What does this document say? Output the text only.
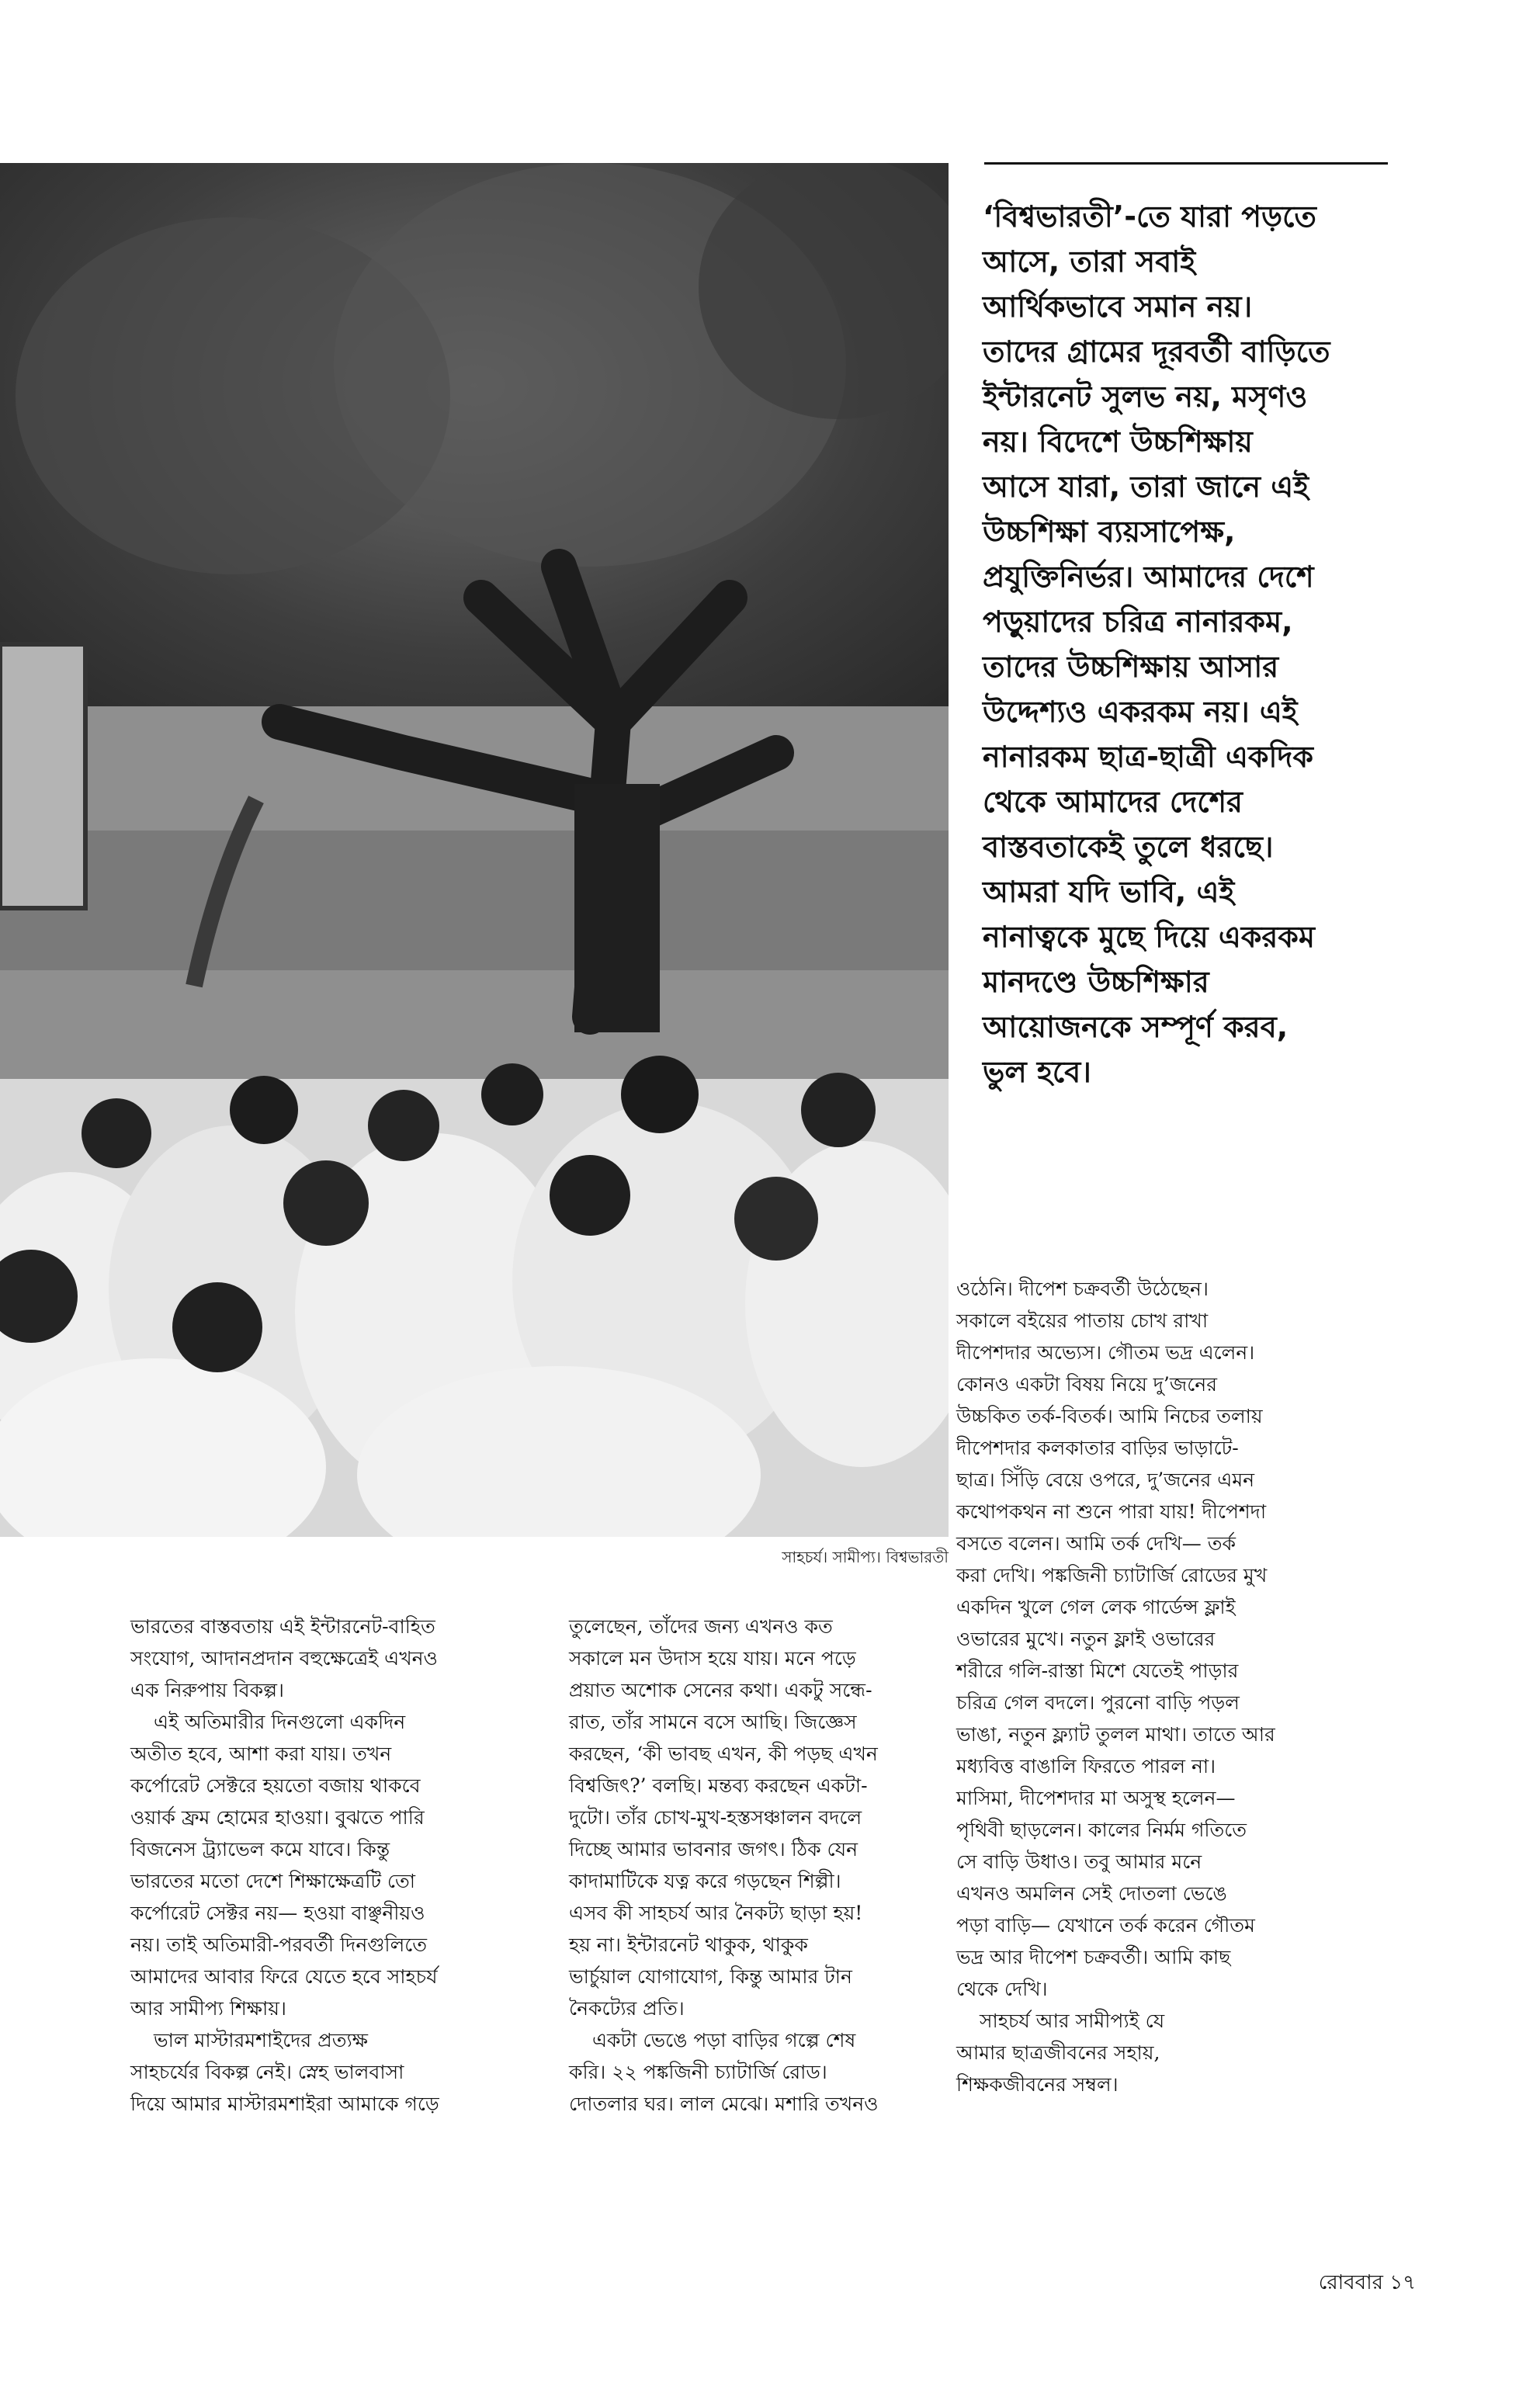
‘বিশ্বভারতী’-তে যারা পড়তে
আসে, তারা সবাই
আর্থিকভাবে সমান নয়।
তাদের গ্রামের দূরবর্তী বাড়িতে
ইন্টারনেট সুলভ নয়, মসৃণও
নয়। বিদেশে উচ্চশিক্ষায়
আসে যারা, তারা জানে এই
উচ্চশিক্ষা ব্যয়সাপেক্ষ,
প্রযুক্তিনির্ভর। আমাদের দেশে
পড়ুয়াদের চরিত্র নানারকম,
তাদের উচ্চশিক্ষায় আসার
উদ্দেশ্যও একরকম নয়। এই
নানারকম ছাত্র-ছাত্রী একদিক
থেকে আমাদের দেশের
বাস্তবতাকেই তুলে ধরছে।
আমরা যদি ভাবি, এই
নানাত্বকে মুছে দিয়ে একরকম
মানদণ্ডে উচ্চশিক্ষার
আয়োজনকে সম্পূর্ণ করব,
ভুল হবে।
সাহচর্য। সামীপ্য। বিশ্বভারতী

ভারতের বাস্তবতায় এই ইন্টারনেট-বাহিত
সংযোগ, আদানপ্রদান বহুক্ষেত্রেই এখনও
এক নিরুপায় বিকল্প।

এই অতিমারীর দিনগুলো একদিন
অতীত হবে, আশা করা যায়। তখন
কর্পোরেট সেক্টরে হয়তো বজায় থাকবে
ওয়ার্ক ফ্রম হোমের হাওয়া। বুঝতে পারি
বিজনেস ট্র্যাভেল কমে যাবে। কিন্তু
ভারতের মতো দেশে শিক্ষাক্ষেত্রটি তো
কর্পোরেট সেক্টর নয়— হওয়া বাঞ্ছনীয়ও
নয়। তাই অতিমারী-পরবর্তী দিনগুলিতে
আমাদের আবার ফিরে যেতে হবে সাহচর্য
আর সামীপ্য শিক্ষায়।

ভাল মাস্টারমশাইদের প্রত্যক্ষ
সাহচর্যের বিকল্প নেই। স্নেহ ভালবাসা
দিয়ে আমার মাস্টারমশাইরা আমাকে গড়ে

তুলেছেন, তাঁদের জন্য এখনও কত
সকালে মন উদাস হয়ে যায়। মনে পড়ে
প্রয়াত অশোক সেনের কথা। একটু সন্ধে-
রাত, তাঁর সামনে বসে আছি। জিজ্ঞেস
করছেন, ‘কী ভাবছ এখন, কী পড়ছ এখন
বিশ্বজিৎ?’ বলছি। মন্তব্য করছেন একটা-
দুটো। তাঁর চোখ-মুখ-হস্তসঞ্চালন বদলে
দিচ্ছে আমার ভাবনার জগৎ। ঠিক যেন
কাদামাটিকে যত্ন করে গড়ছেন শিল্পী।
এসব কী সাহচর্য আর নৈকট্য ছাড়া হয়!
হয় না। ইন্টারনেট থাকুক, থাকুক
ভার্চুয়াল যোগাযোগ, কিন্তু আমার টান
নৈকট্যের প্রতি।

একটা ভেঙে পড়া বাড়ির গল্পে শেষ
করি। ২২ পঙ্কজিনী চ্যাটার্জি রোড।
দোতলার ঘর। লাল মেঝে। মশারি তখনও

ওঠেনি। দীপেশ চক্রবর্তী উঠেছেন।
সকালে বইয়ের পাতায় চোখ রাখা
দীপেশদার অভ্যেস। গৌতম ভদ্র এলেন।
কোনও একটা বিষয় নিয়ে দু’জনের
উচ্চকিত তর্ক-বিতর্ক। আমি নিচের তলায়
দীপেশদার কলকাতার বাড়ির ভাড়াটে-
ছাত্র। সিঁড়ি বেয়ে ওপরে, দু’জনের এমন
কথোপকথন না শুনে পারা যায়! দীপেশদা
বসতে বলেন। আমি তর্ক দেখি— তর্ক
করা দেখি। পঙ্কজিনী চ্যাটার্জি রোডের মুখ
একদিন খুলে গেল লেক গার্ডেন্স ফ্লাই
ওভারের মুখে। নতুন ফ্লাই ওভারের
শরীরে গলি-রাস্তা মিশে যেতেই পাড়ার
চরিত্র গেল বদলে। পুরনো বাড়ি পড়ল
ভাঙা, নতুন ফ্ল্যাট তুলল মাথা। তাতে আর
মধ্যবিত্ত বাঙালি ফিরতে পারল না।
মাসিমা, দীপেশদার মা অসুস্থ হলেন—
পৃথিবী ছাড়লেন। কালের নির্মম গতিতে
সে বাড়ি উধাও। তবু আমার মনে
এখনও অমলিন সেই দোতলা ভেঙে
পড়া বাড়ি— যেখানে তর্ক করেন গৌতম
ভদ্র আর দীপেশ চক্রবর্তী। আমি কাছ
থেকে দেখি।

সাহচর্য আর সামীপ্যই যে
আমার ছাত্রজীবনের সহায়,
শিক্ষকজীবনের সম্বল।

রোববার ১৭
